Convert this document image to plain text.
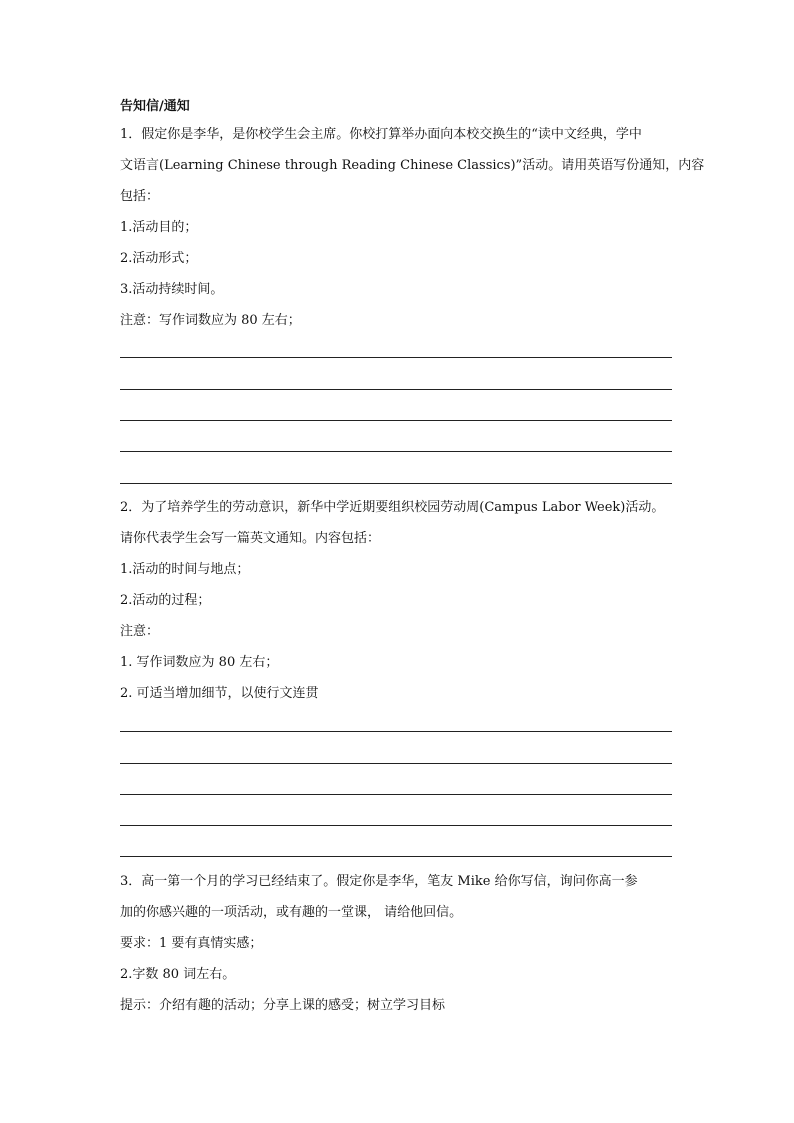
告知信/通知
1．假定你是李华，是你校学生会主席。你校打算举办面向本校交换生的“读中文经典，学中
文语言(Learning Chinese through Reading Chinese Classics)”活动。请用英语写份通知，内容
包括：
1.活动目的；
2.活动形式；
3.活动持续时间。
注意：写作词数应为 80 左右；
2．为了培养学生的劳动意识，新华中学近期要组织校园劳动周(Campus Labor Week)活动。
请你代表学生会写一篇英文通知。内容包括：
1.活动的时间与地点；
2.活动的过程；
注意：
1. 写作词数应为 80 左右；
2. 可适当增加细节，以使行文连贯
3．高一第一个月的学习已经结束了。假定你是李华，笔友 Mike 给你写信，询问你高一参
加的你感兴趣的一项活动，或有趣的一堂课， 请给他回信。
要求：1 要有真情实感；
2.字数 80 词左右。
提示：介绍有趣的活动；分享上课的感受；树立学习目标
